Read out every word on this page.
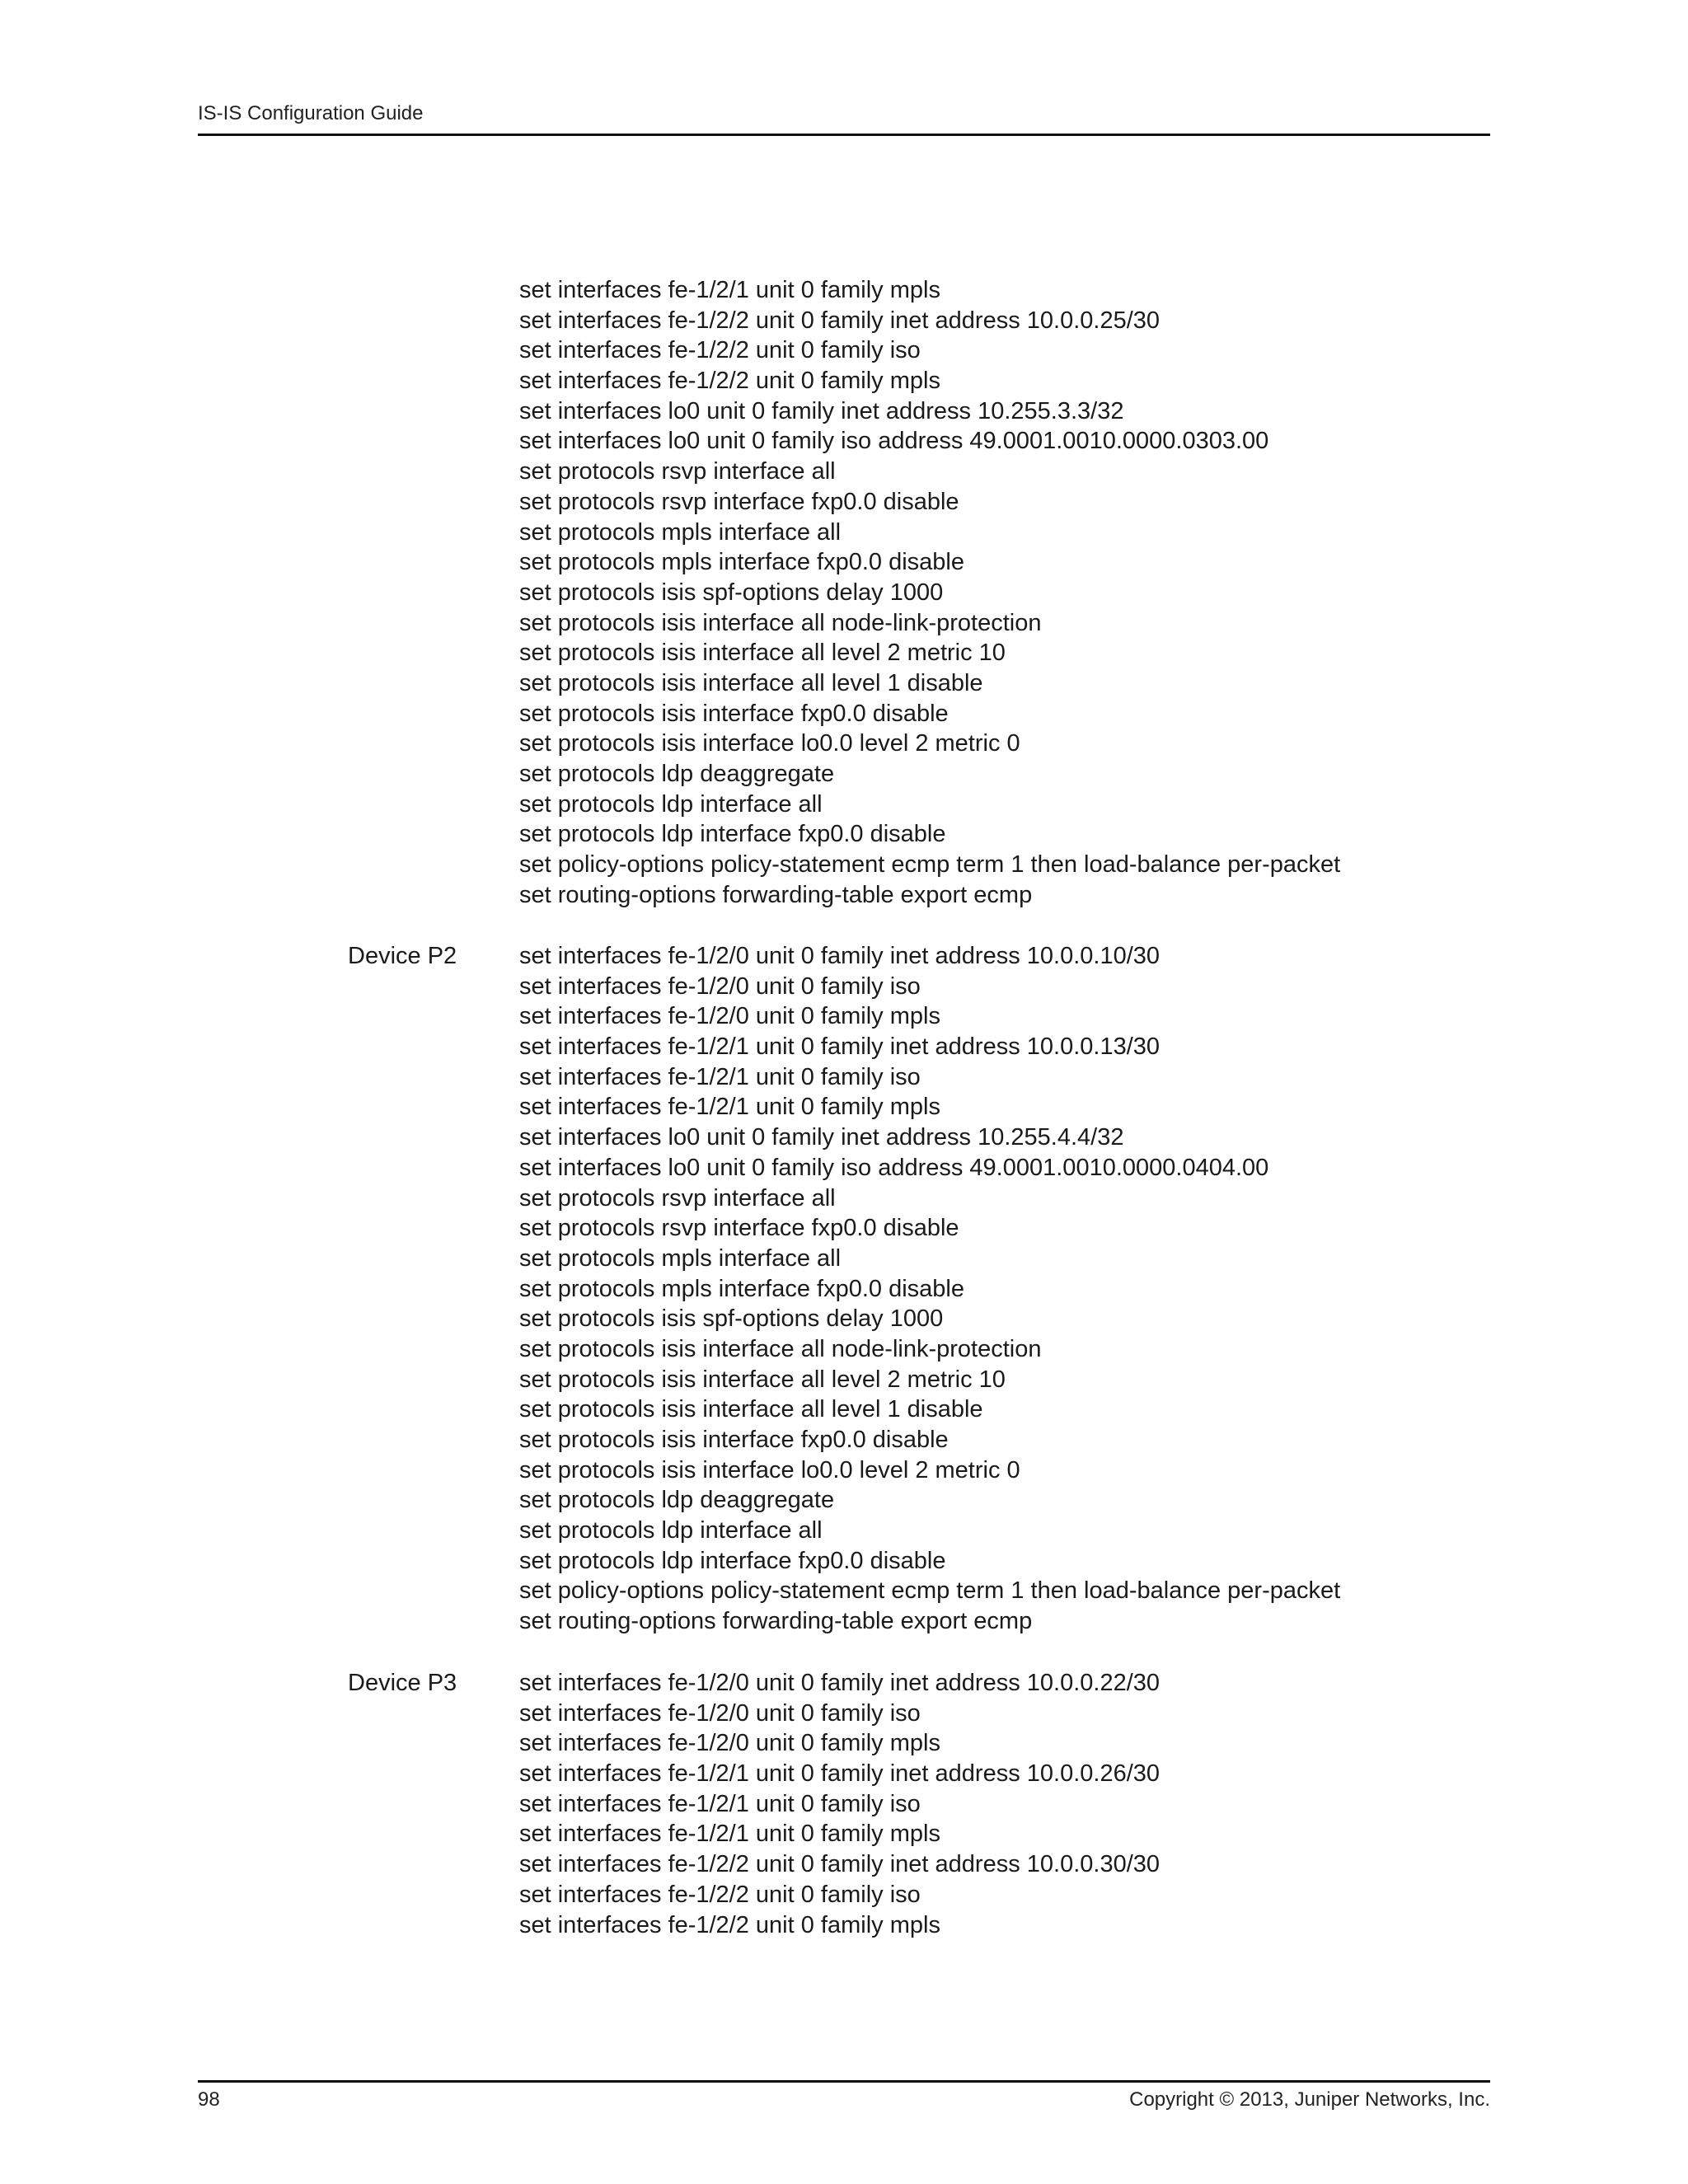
IS-IS Configuration Guide
set interfaces fe-1/2/1 unit 0 family mpls
set interfaces fe-1/2/2 unit 0 family inet address 10.0.0.25/30
set interfaces fe-1/2/2 unit 0 family iso
set interfaces fe-1/2/2 unit 0 family mpls
set interfaces lo0 unit 0 family inet address 10.255.3.3/32
set interfaces lo0 unit 0 family iso address 49.0001.0010.0000.0303.00
set protocols rsvp interface all
set protocols rsvp interface fxp0.0 disable
set protocols mpls interface all
set protocols mpls interface fxp0.0 disable
set protocols isis spf-options delay 1000
set protocols isis interface all node-link-protection
set protocols isis interface all level 2 metric 10
set protocols isis interface all level 1 disable
set protocols isis interface fxp0.0 disable
set protocols isis interface lo0.0 level 2 metric 0
set protocols ldp deaggregate
set protocols ldp interface all
set protocols ldp interface fxp0.0 disable
set policy-options policy-statement ecmp term 1 then load-balance per-packet
set routing-options forwarding-table export ecmp
Device P2	set interfaces fe-1/2/0 unit 0 family inet address 10.0.0.10/30
set interfaces fe-1/2/0 unit 0 family iso
set interfaces fe-1/2/0 unit 0 family mpls
set interfaces fe-1/2/1 unit 0 family inet address 10.0.0.13/30
set interfaces fe-1/2/1 unit 0 family iso
set interfaces fe-1/2/1 unit 0 family mpls
set interfaces lo0 unit 0 family inet address 10.255.4.4/32
set interfaces lo0 unit 0 family iso address 49.0001.0010.0000.0404.00
set protocols rsvp interface all
set protocols rsvp interface fxp0.0 disable
set protocols mpls interface all
set protocols mpls interface fxp0.0 disable
set protocols isis spf-options delay 1000
set protocols isis interface all node-link-protection
set protocols isis interface all level 2 metric 10
set protocols isis interface all level 1 disable
set protocols isis interface fxp0.0 disable
set protocols isis interface lo0.0 level 2 metric 0
set protocols ldp deaggregate
set protocols ldp interface all
set protocols ldp interface fxp0.0 disable
set policy-options policy-statement ecmp term 1 then load-balance per-packet
set routing-options forwarding-table export ecmp
Device P3	set interfaces fe-1/2/0 unit 0 family inet address 10.0.0.22/30
set interfaces fe-1/2/0 unit 0 family iso
set interfaces fe-1/2/0 unit 0 family mpls
set interfaces fe-1/2/1 unit 0 family inet address 10.0.0.26/30
set interfaces fe-1/2/1 unit 0 family iso
set interfaces fe-1/2/1 unit 0 family mpls
set interfaces fe-1/2/2 unit 0 family inet address 10.0.0.30/30
set interfaces fe-1/2/2 unit 0 family iso
set interfaces fe-1/2/2 unit 0 family mpls
98	Copyright © 2013, Juniper Networks, Inc.
